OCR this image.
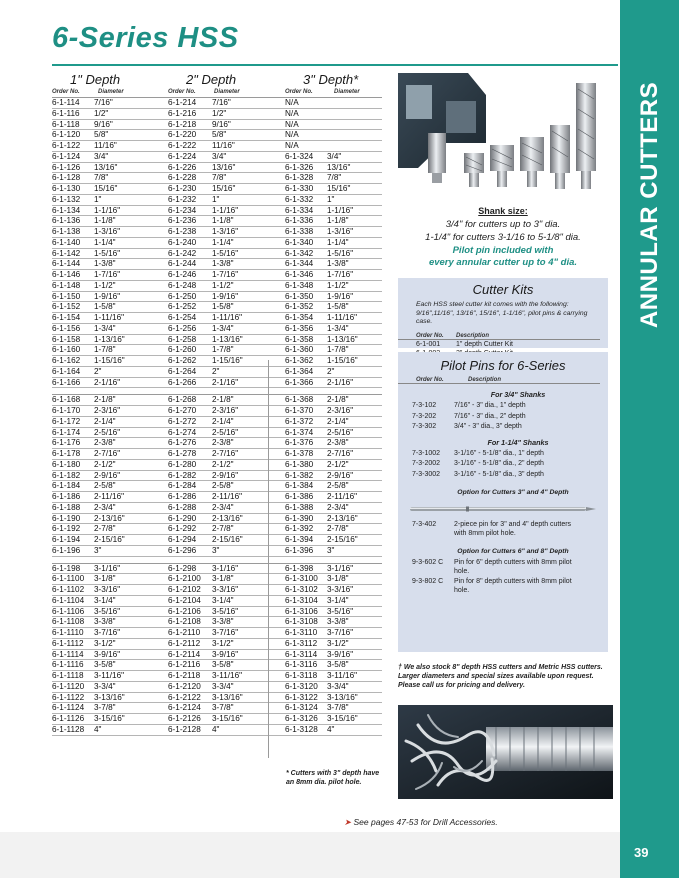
ANNULAR CUTTERS
39
6-Series HSS
1" Depth	2" Depth	3" Depth*
Order No.	Diameter	Order No.	Diameter	Order No.	Diameter
6-1-114	7/16"	6-1-214	7/16"	N/A
6-1-116	1/2"	6-1-216	1/2"	N/A
6-1-118	9/16"	6-1-218	9/16"	N/A
6-1-120	5/8"	6-1-220	5/8"	N/A
6-1-122	11/16"	6-1-222	11/16"	N/A
6-1-124	3/4"	6-1-224	3/4"	6-1-324	3/4"
6-1-126	13/16"	6-1-226	13/16"	6-1-326	13/16"
6-1-128	7/8"	6-1-228	7/8"	6-1-328	7/8"
6-1-130	15/16"	6-1-230	15/16"	6-1-330	15/16"
6-1-132	1"	6-1-232	1"	6-1-332	1"
6-1-134	1-1/16"	6-1-234	1-1/16"	6-1-334	1-1/16"
6-1-136	1-1/8"	6-1-236	1-1/8"	6-1-336	1-1/8"
6-1-138	1-3/16"	6-1-238	1-3/16"	6-1-338	1-3/16"
6-1-140	1-1/4"	6-1-240	1-1/4"	6-1-340	1-1/4"
6-1-142	1-5/16"	6-1-242	1-5/16"	6-1-342	1-5/16"
6-1-144	1-3/8"	6-1-244	1-3/8"	6-1-344	1-3/8"
6-1-146	1-7/16"	6-1-246	1-7/16"	6-1-346	1-7/16"
6-1-148	1-1/2"	6-1-248	1-1/2"	6-1-348	1-1/2"
6-1-150	1-9/16"	6-1-250	1-9/16"	6-1-350	1-9/16"
6-1-152	1-5/8"	6-1-252	1-5/8"	6-1-352	1-5/8"
6-1-154	1-11/16"	6-1-254	1-11/16"	6-1-354	1-11/16"
6-1-156	1-3/4"	6-1-256	1-3/4"	6-1-356	1-3/4"
6-1-158	1-13/16"	6-1-258	1-13/16"	6-1-358	1-13/16"
6-1-160	1-7/8"	6-1-260	1-7/8"	6-1-360	1-7/8"
6-1-162	1-15/16"	6-1-262	1-15/16"	6-1-362	1-15/16"
6-1-164	2"	6-1-264	2"	6-1-364	2"
6-1-166	2-1/16"	6-1-266	2-1/16"	6-1-366	2-1/16"
6-1-168	2-1/8"	6-1-268	2-1/8"	6-1-368	2-1/8"
6-1-170	2-3/16"	6-1-270	2-3/16"	6-1-370	2-3/16"
6-1-172	2-1/4"	6-1-272	2-1/4"	6-1-372	2-1/4"
6-1-174	2-5/16"	6-1-274	2-5/16"	6-1-374	2-5/16"
6-1-176	2-3/8"	6-1-276	2-3/8"	6-1-376	2-3/8"
6-1-178	2-7/16"	6-1-278	2-7/16"	6-1-378	2-7/16"
6-1-180	2-1/2"	6-1-280	2-1/2"	6-1-380	2-1/2"
6-1-182	2-9/16"	6-1-282	2-9/16"	6-1-382	2-9/16"
6-1-184	2-5/8"	6-1-284	2-5/8"	6-1-384	2-5/8"
6-1-186	2-11/16"	6-1-286	2-11/16"	6-1-386	2-11/16"
6-1-188	2-3/4"	6-1-288	2-3/4"	6-1-388	2-3/4"
6-1-190	2-13/16"	6-1-290	2-13/16"	6-1-390	2-13/16"
6-1-192	2-7/8"	6-1-292	2-7/8"	6-1-392	2-7/8"
6-1-194	2-15/16"	6-1-294	2-15/16"	6-1-394	2-15/16"
6-1-196	3"	6-1-296	3"	6-1-396	3"
6-1-198	3-1/16"	6-1-298	3-1/16"	6-1-398	3-1/16"
6-1-1100	3-1/8"	6-1-2100	3-1/8"	6-1-3100	3-1/8"
6-1-1102	3-3/16"	6-1-2102	3-3/16"	6-1-3102	3-3/16"
6-1-1104	3-1/4"	6-1-2104	3-1/4"	6-1-3104	3-1/4"
6-1-1106	3-5/16"	6-1-2106	3-5/16"	6-1-3106	3-5/16"
6-1-1108	3-3/8"	6-1-2108	3-3/8"	6-1-3108	3-3/8"
6-1-1110	3-7/16"	6-1-2110	3-7/16"	6-1-3110	3-7/16"
6-1-1112	3-1/2"	6-1-2112	3-1/2"	6-1-3112	3-1/2"
6-1-1114	3-9/16"	6-1-2114	3-9/16"	6-1-3114	3-9/16"
6-1-1116	3-5/8"	6-1-2116	3-5/8"	6-1-3116	3-5/8"
6-1-1118	3-11/16"	6-1-2118	3-11/16"	6-1-3118	3-11/16"
6-1-1120	3-3/4"	6-1-2120	3-3/4"	6-1-3120	3-3/4"
6-1-1122	3-13/16"	6-1-2122	3-13/16"	6-1-3122	3-13/16"
6-1-1124	3-7/8"	6-1-2124	3-7/8"	6-1-3124	3-7/8"
6-1-1126	3-15/16"	6-1-2126	3-15/16"	6-1-3126	3-15/16"
6-1-1128	4"	6-1-2128	4"	6-1-3128	4"
* Cutters with 3" depth have an 8mm dia. pilot hole.
Shank size:
3/4" for cutters up to 3" dia.
1-1/4" for cutters 3-1/16 to 5-1/8" dia.
Pilot pin included with
every annular cutter up to 4" dia.
Cutter Kits
Each HSS steel cutter kit comes with the following: 9/16",11/16", 13/16", 15/16", 1-1/16", pilot pins & carrying case.
Order No.	Description
6-1-001	1" depth Cutter Kit
Pilot Pins for 6-Series
Order No.	Description
For 3/4" Shanks
7-3-102	7/16" - 3" dia., 1" depth
7-3-202	7/16" - 3" dia., 2" depth
7-3-302	3/4" - 3" dia., 3" depth
For 1-1/4" Shanks
7-3-1002	3-1/16" - 5-1/8" dia., 1" depth
7-3-2002	3-1/16" - 5-1/8" dia., 2" depth
7-3-3002	3-1/16" - 5-1/8" dia., 3" depth
Option for Cutters 3" and 4" Depth
7-3-402	2-piece pin for 3" and 4" depth cutters with 8mm pilot hole.
Option for Cutters 6" and 8" Depth
9-3-602 C	Pin for 6" depth cutters with 8mm pilot hole.
9-3-802 C	Pin for 8" depth cutters with 8mm pilot hole.
† We also stock 8" depth HSS cutters and Metric HSS cutters. Larger diameters and special sizes available upon request. Please call us for pricing and delivery.
➤ See pages 47-53 for Drill Accessories.
